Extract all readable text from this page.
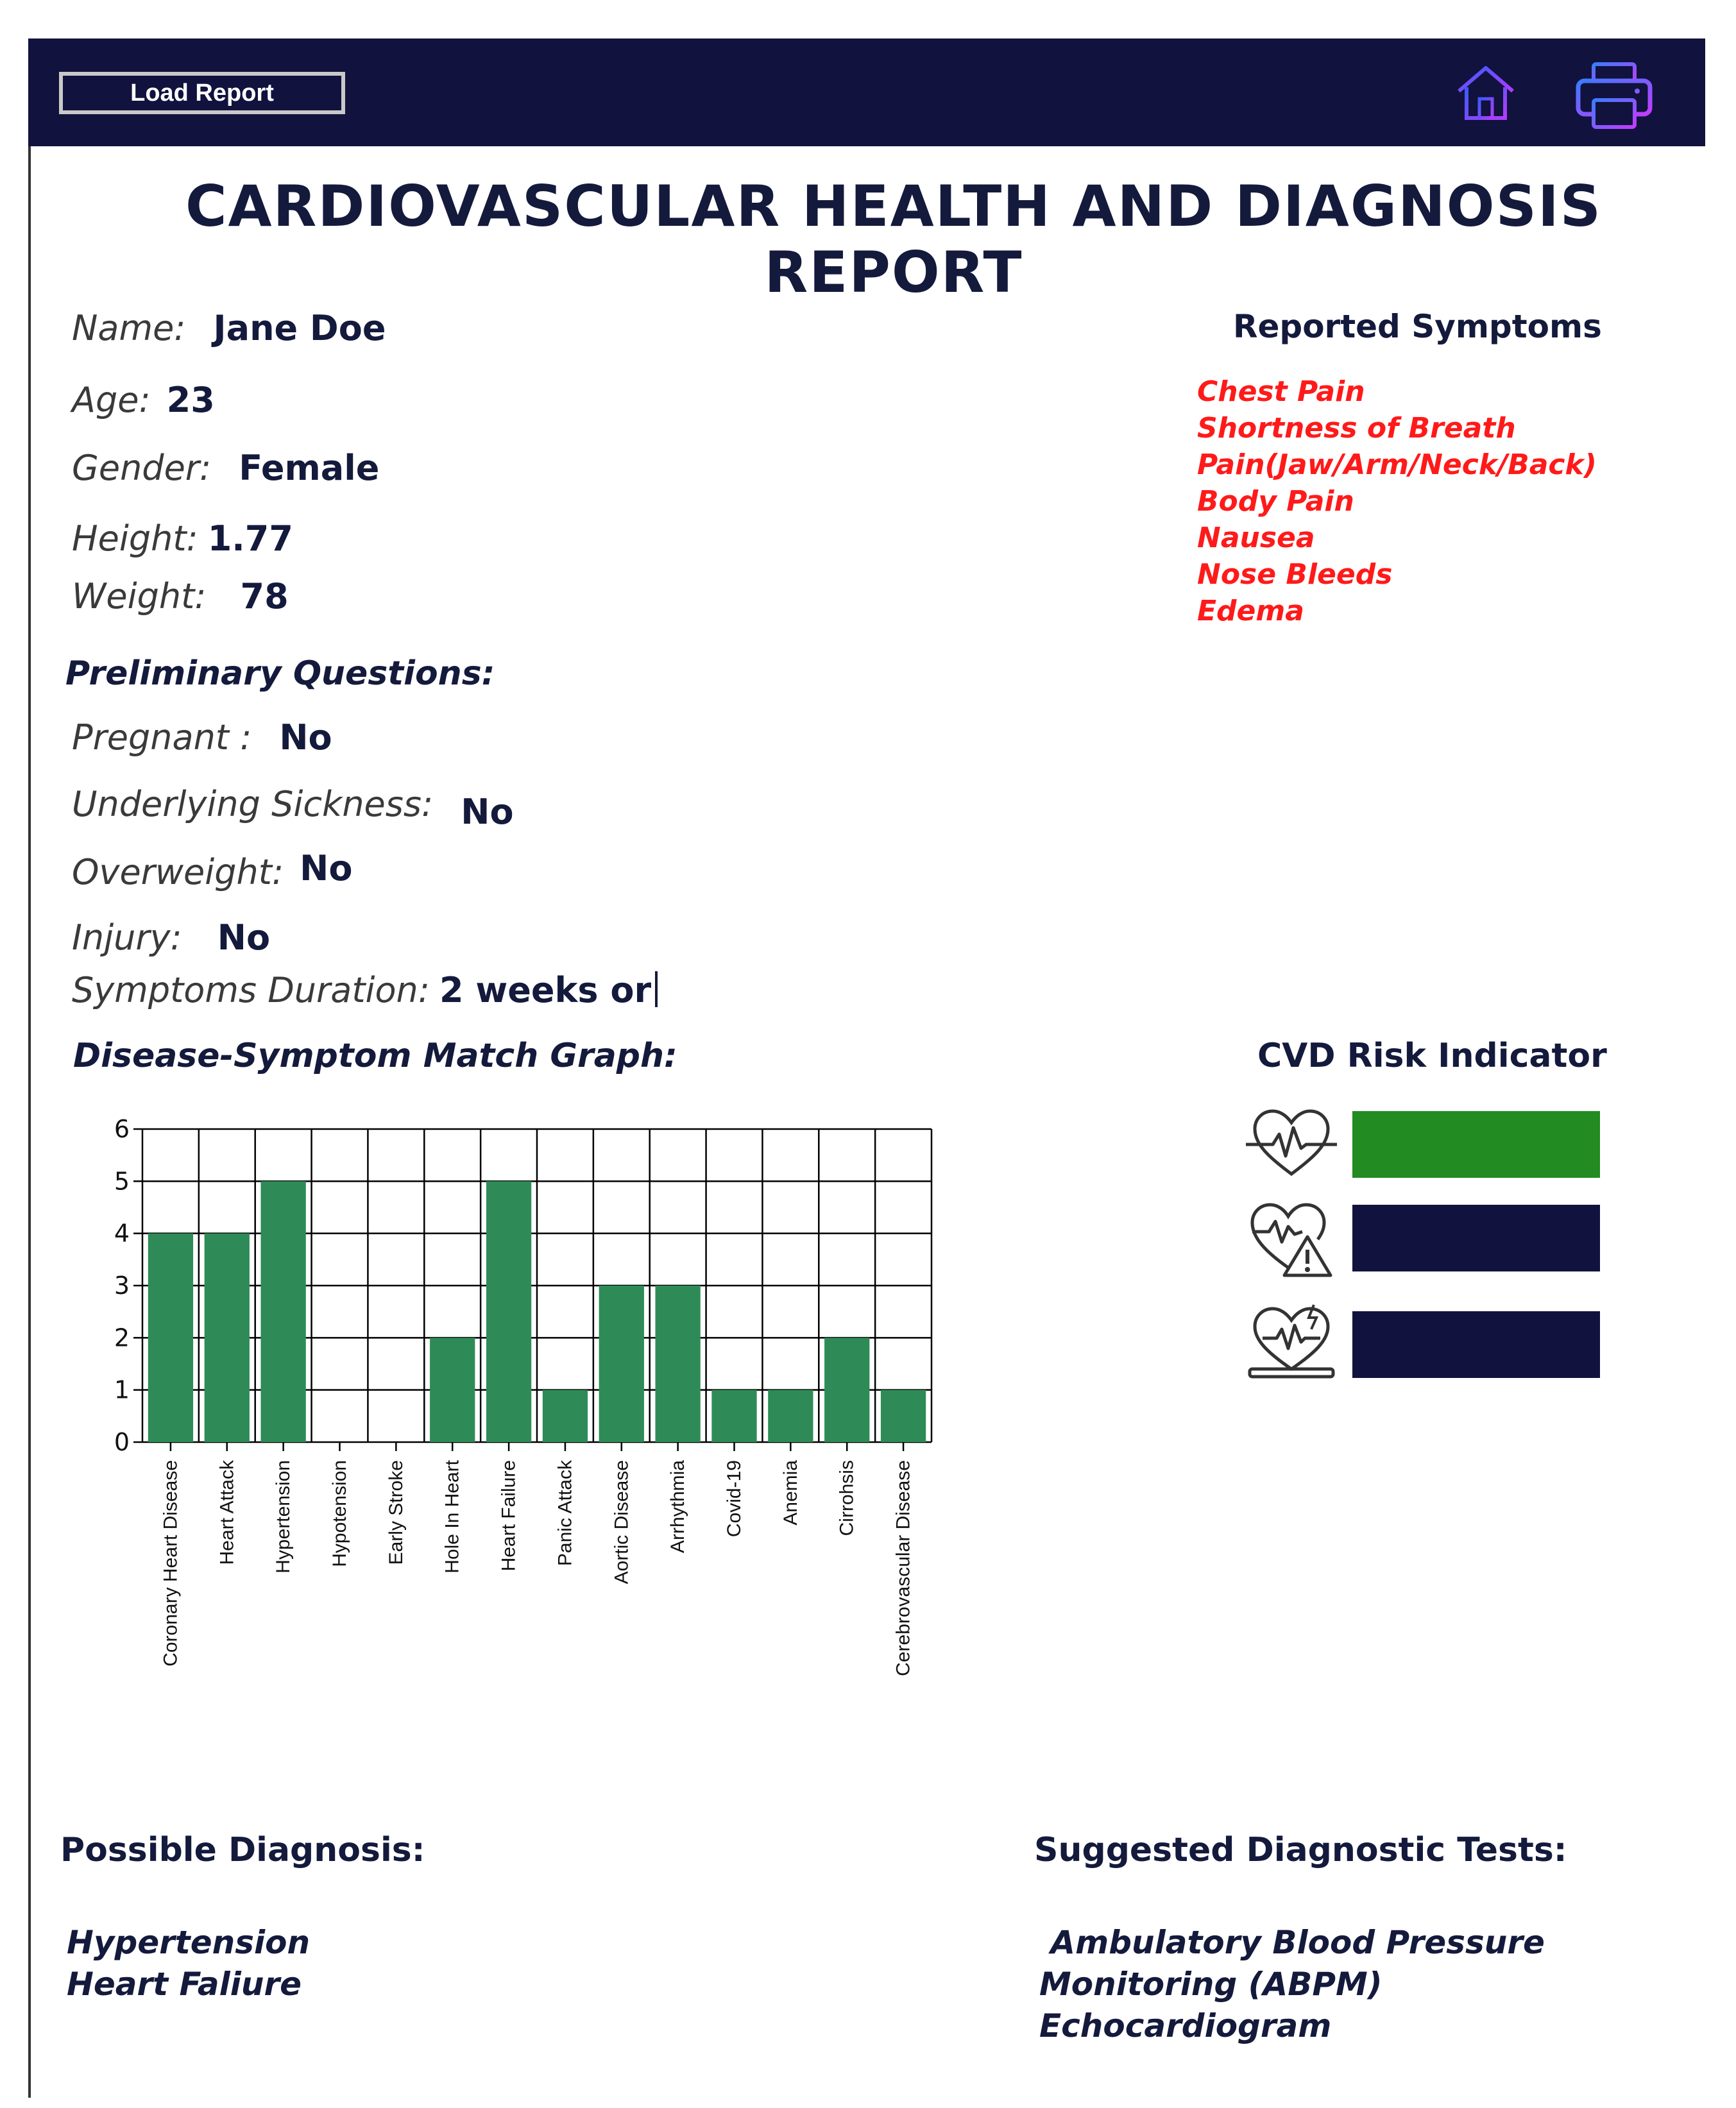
Load Report
CARDIOVASCULAR HEALTH AND DIAGNOSIS REPORT
Name: Jane Doe
Age: 23
Gender: Female
Height: 1.77
Weight: 78
Preliminary Questions:
Pregnant : No
Underlying Sickness: No
Overweight: No
Injury: No
Symptoms Duration: 2 weeks or
Reported Symptoms
Chest Pain
Shortness of Breath
Pain(Jaw/Arm/Neck/Back)
Body Pain
Nausea
Nose Bleeds
Edema
Disease-Symptom Match Graph:
0
1
2
3
4
5
6
Coronary Heart Disease Heart Attack Hypertension Hypotension Early Stroke Hole In Heart Heart Failure Panic Attack Aortic Disease Arrhythmia Covid-19 Anemia Cirrohsis Cerebrovascular Disease
CVD Risk Indicator
Possible Diagnosis:
Hypertension
Heart Faliure
Suggested Diagnostic Tests:
Ambulatory Blood Pressure
Monitoring (ABPM)
Echocardiogram
